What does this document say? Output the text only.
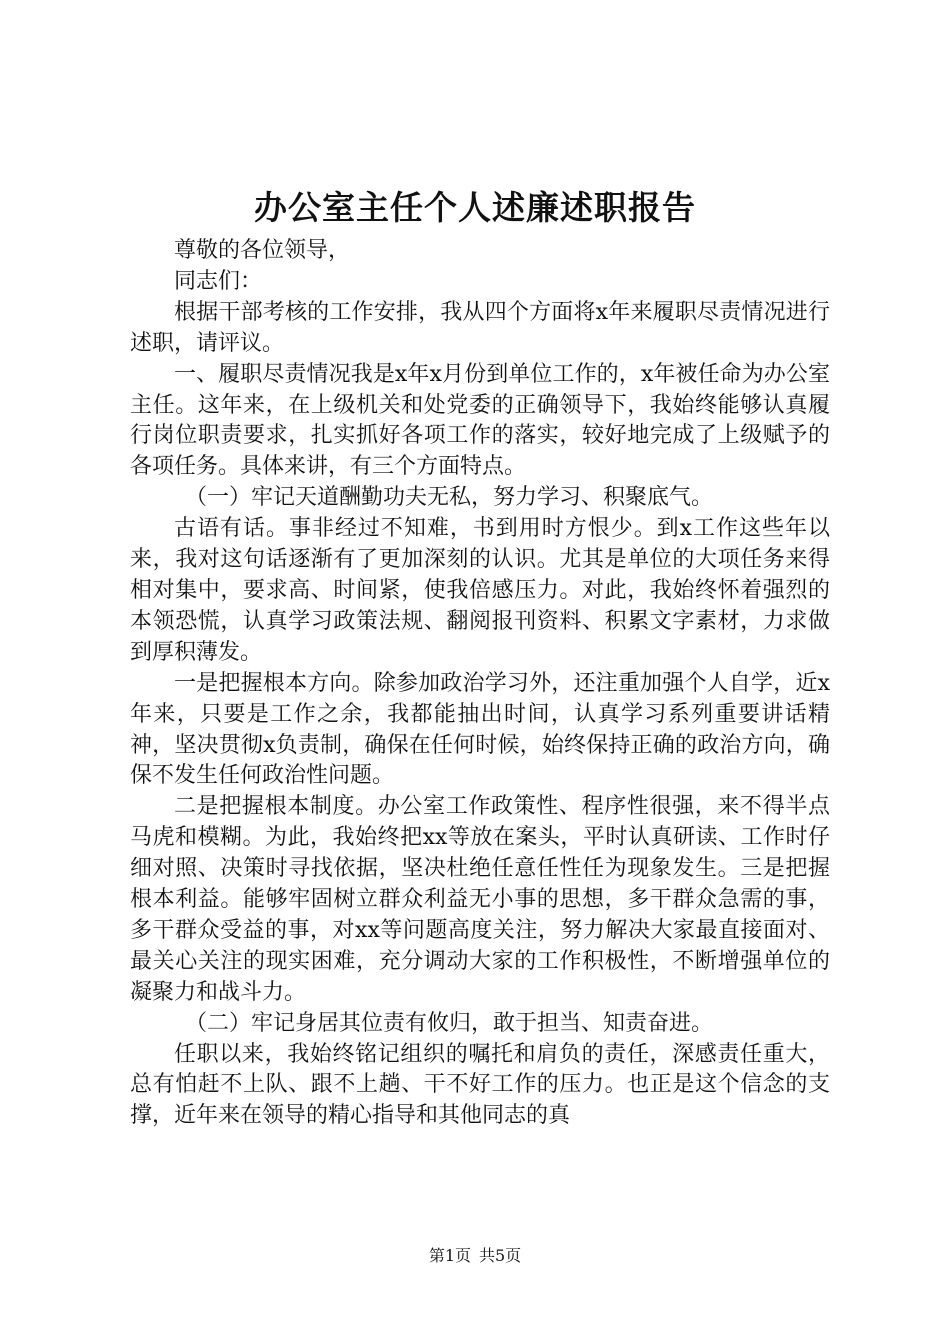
办公室主任个人述廉述职报告

尊敬的各位领导，

同志们：

根据干部考核的工作安排，我从四个方面将x年来履职尽责情况进行述职，请评议。

一、履职尽责情况我是x年x月份到单位工作的，x年被任命为办公室主任。这年来，在上级机关和处党委的正确领导下，我始终能够认真履行岗位职责要求，扎实抓好各项工作的落实，较好地完成了上级赋予的各项任务。具体来讲，有三个方面特点。

（一）牢记天道酬勤功夫无私，努力学习、积聚底气。

古语有话。事非经过不知难，书到用时方恨少。到x工作这些年以来，我对这句话逐渐有了更加深刻的认识。尤其是单位的大项任务来得相对集中，要求高、时间紧，使我倍感压力。对此，我始终怀着强烈的本领恐慌，认真学习政策法规、翻阅报刊资料、积累文字素材，力求做到厚积薄发。

一是把握根本方向。除参加政治学习外，还注重加强个人自学，近x年来，只要是工作之余，我都能抽出时间，认真学习系列重要讲话精神，坚决贯彻x负责制，确保在任何时候，始终保持正确的政治方向，确保不发生任何政治性问题。

二是把握根本制度。办公室工作政策性、程序性很强，来不得半点马虎和模糊。为此，我始终把xx等放在案头，平时认真研读、工作时仔细对照、决策时寻找依据，坚决杜绝任意任性任为现象发生。三是把握根本利益。能够牢固树立群众利益无小事的思想，多干群众急需的事，多干群众受益的事，对xx等问题高度关注，努力解决大家最直接面对、最关心关注的现实困难，充分调动大家的工作积极性，不断增强单位的凝聚力和战斗力。

（二）牢记身居其位责有攸归，敢于担当、知责奋进。

任职以来，我始终铭记组织的嘱托和肩负的责任，深感责任重大，总有怕赶不上队、跟不上趟、干不好工作的压力。也正是这个信念的支撑，近年来在领导的精心指导和其他同志的真

第1页 共5页
